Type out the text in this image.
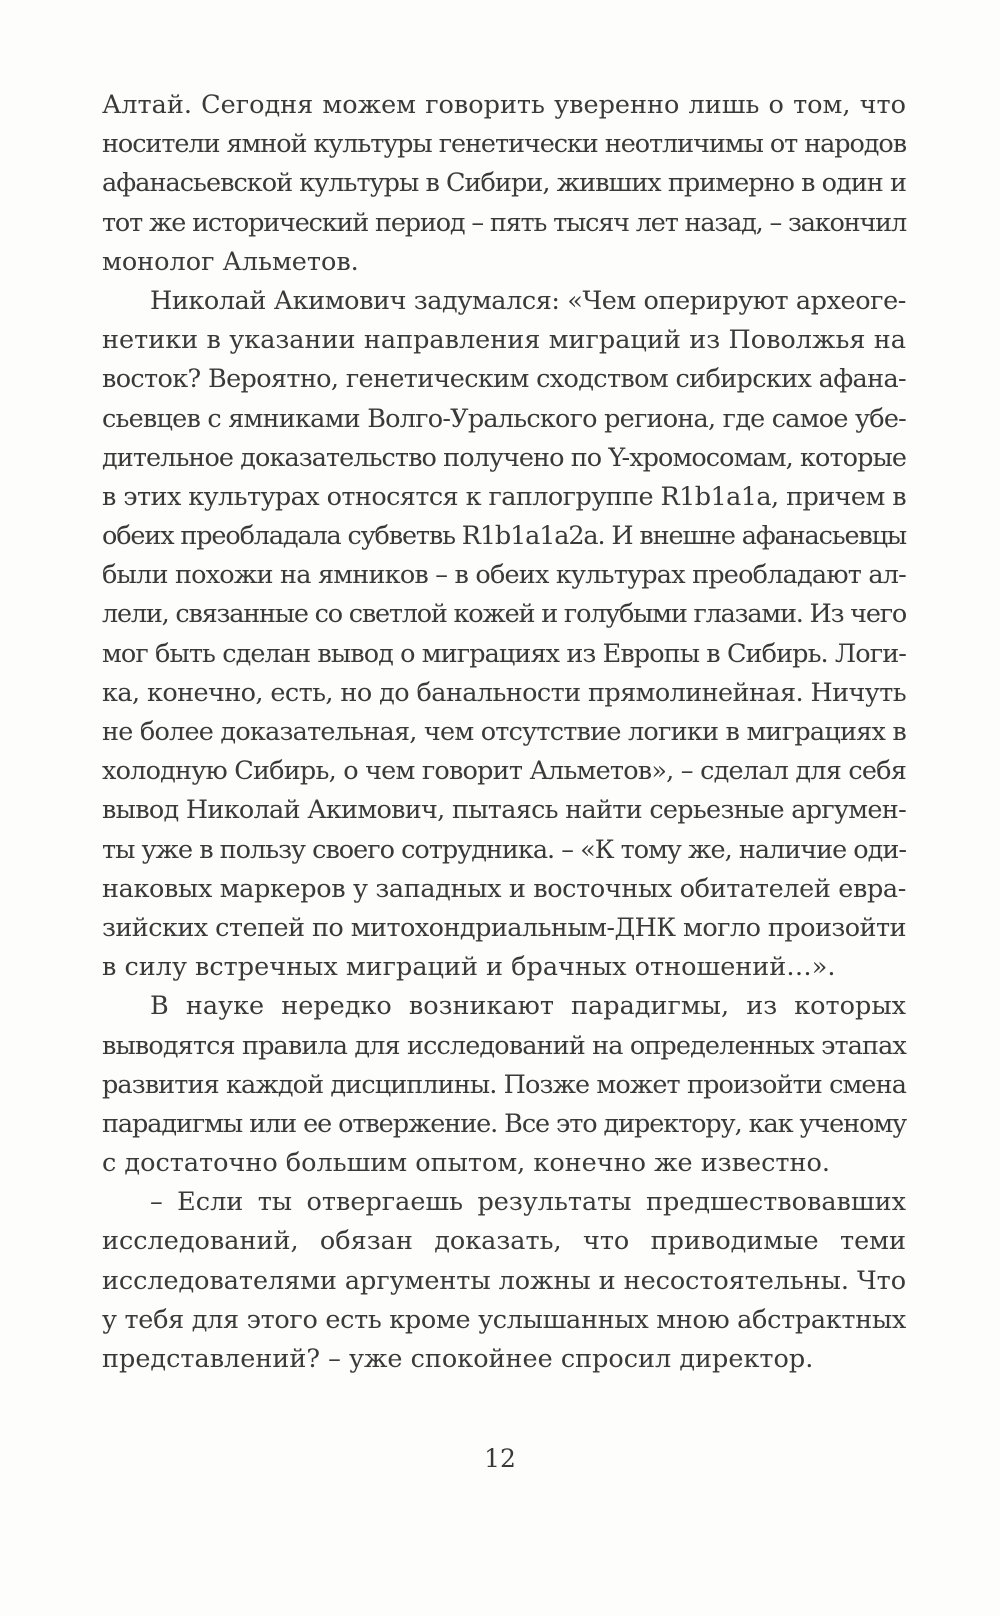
Алтай. Сегодня можем говорить уверенно лишь о том, что
носители ямной культуры генетически неотличимы от народов
афанасьевской культуры в Сибири, живших примерно в один и
тот же исторический период – пять тысяч лет назад, – закончил
монолог Альметов.
Николай Акимович задумался: «Чем оперируют археоге-
нетики в указании направления миграций из Поволжья на
восток? Вероятно, генетическим сходством сибирских афана-
сьевцев с ямниками Волго-Уральского региона, где самое убе-
дительное доказательство получено по Y-хромосомам, которые
в этих культурах относятся к гаплогруппе R1b1a1a, причем в
обеих преобладала субветвь R1b1a1a2a. И внешне афанасьевцы
были похожи на ямников – в обеих культурах преобладают ал-
лели, связанные со светлой кожей и голубыми глазами. Из чего
мог быть сделан вывод о миграциях из Европы в Сибирь. Логи-
ка, конечно, есть, но до банальности прямолинейная. Ничуть
не более доказательная, чем отсутствие логики в миграциях в
холодную Сибирь, о чем говорит Альметов», – сделал для себя
вывод Николай Акимович, пытаясь найти серьезные аргумен-
ты уже в пользу своего сотрудника. – «К тому же, наличие оди-
наковых маркеров у западных и восточных обитателей евра-
зийских степей по митохондриальным-ДНК могло произойти
в силу встречных миграций и брачных отношений…».
В науке нередко возникают парадигмы, из которых
выводятся правила для исследований на определенных этапах
развития каждой дисциплины. Позже может произойти смена
парадигмы или ее отвержение. Все это директору, как ученому
с достаточно большим опытом, конечно же известно.
– Если ты отвергаешь результаты предшествовавших
исследований, обязан доказать, что приводимые теми
исследователями аргументы ложны и несостоятельны. Что
у тебя для этого есть кроме услышанных мною абстрактных
представлений? – уже спокойнее спросил директор.
12
